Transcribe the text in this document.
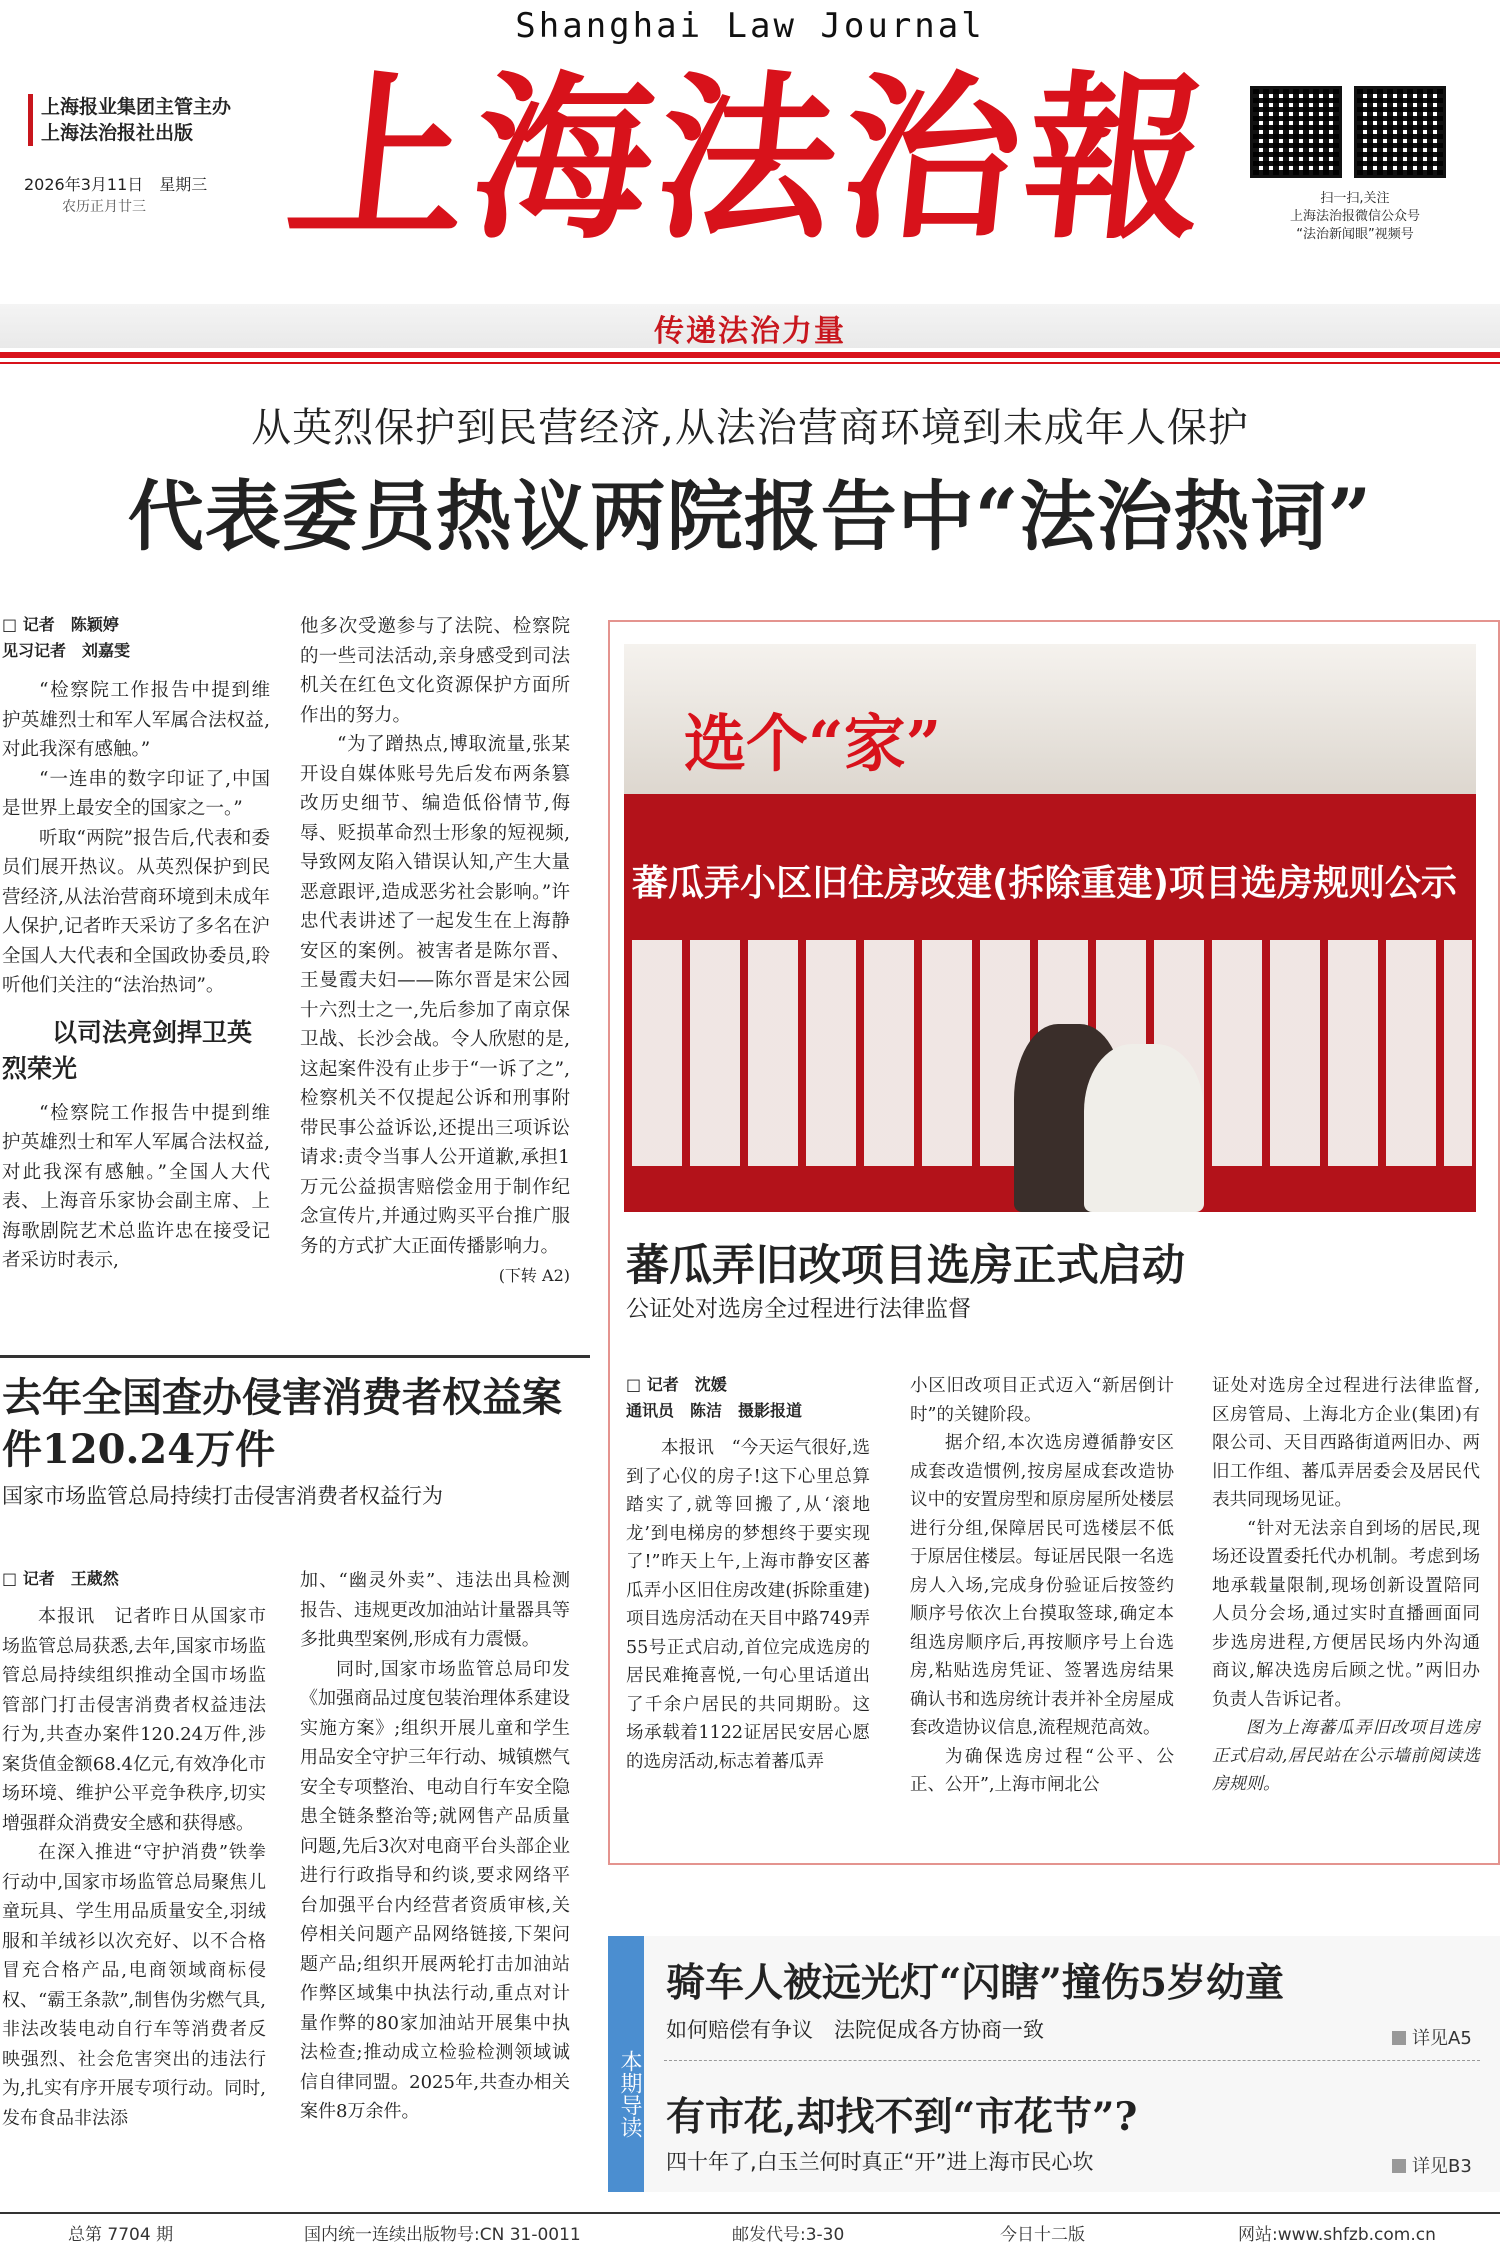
Shanghai Law Journal
上海报业集团主管主办
上海法治报社出版
2026年3月11日　星期三
农历正月廿三 上海法治報	扫一扫,关注
上海法治报微信公众号
“法治新闻眼”视频号
传递法治力量
从英烈保护到民营经济,从法治营商环境到未成年人保护
代表委员热议两院报告中“法治热词”
□ 记者　陈颖婷
见习记者　刘嘉雯

“检察院工作报告中提到维护英雄烈士和军人军属合法权益,对此我深有感触。”

“一连串的数字印证了,中国是世界上最安全的国家之一。”

听取“两院”报告后,代表和委员们展开热议。从英烈保护到民营经济,从法治营商环境到未成年人保护,记者昨天采访了多名在沪全国人大代表和全国政协委员,聆听他们关注的“法治热词”。

以司法亮剑捍卫英烈荣光

“检察院工作报告中提到维护英雄烈士和军人军属合法权益,对此我深有感触。”全国人大代表、上海音乐家协会副主席、上海歌剧院艺术总监许忠在接受记者采访时表示,

他多次受邀参与了法院、检察院的一些司法活动,亲身感受到司法机关在红色文化资源保护方面所作出的努力。

“为了蹭热点,博取流量,张某开设自媒体账号先后发布两条篡改历史细节、编造低俗情节,侮辱、贬损革命烈士形象的短视频,导致网友陷入错误认知,产生大量恶意跟评,造成恶劣社会影响。”许忠代表讲述了一起发生在上海静安区的案例。被害者是陈尔晋、王曼霞夫妇——陈尔晋是宋公园十六烈士之一,先后参加了南京保卫战、长沙会战。令人欣慰的是,这起案件没有止步于“一诉了之”,检察机关不仅提起公诉和刑事附带民事公益诉讼,还提出三项诉讼请求:责令当事人公开道歉,承担1万元公益损害赔偿金用于制作纪念宣传片,并通过购买平台推广服务的方式扩大正面传播影响力。

(下转 A2)
选个“家”
蕃瓜弄小区旧住房改建(拆除重建)项目选房规则公示
蕃瓜弄旧改项目选房正式启动
公证处对选房全过程进行法律监督
□ 记者　沈媛
通讯员　陈洁　摄影报道

本报讯　“今天运气很好,选到了心仪的房子!这下心里总算踏实了,就等回搬了,从‘滚地龙’到电梯房的梦想终于要实现了!”昨天上午,上海市静安区蕃瓜弄小区旧住房改建(拆除重建)项目选房活动在天目中路749弄55号正式启动,首位完成选房的居民难掩喜悦,一句心里话道出了千余户居民的共同期盼。这场承载着1122证居民安居心愿的选房活动,标志着蕃瓜弄

小区旧改项目正式迈入“新居倒计时”的关键阶段。

据介绍,本次选房遵循静安区成套改造惯例,按房屋成套改造协议中的安置房型和原房屋所处楼层进行分组,保障居民可选楼层不低于原居住楼层。每证居民限一名选房人入场,完成身份验证后按签约顺序号依次上台摸取签球,确定本组选房顺序后,再按顺序号上台选房,粘贴选房凭证、签署选房结果确认书和选房统计表并补全房屋成套改造协议信息,流程规范高效。

为确保选房过程“公平、公正、公开”,上海市闸北公

证处对选房全过程进行法律监督,区房管局、上海北方企业(集团)有限公司、天目西路街道两旧办、两旧工作组、蕃瓜弄居委会及居民代表共同现场见证。

“针对无法亲自到场的居民,现场还设置委托代办机制。考虑到场地承载量限制,现场创新设置陪同人员分会场,通过实时直播画面同步选房进程,方便居民场内外沟通商议,解决选房后顾之忧。”两旧办负责人告诉记者。

图为上海蕃瓜弄旧改项目选房正式启动,居民站在公示墙前阅读选房规则。

去年全国查办侵害消费者权益案件120.24万件
国家市场监管总局持续打击侵害消费者权益行为
□ 记者　王葳然

本报讯　记者昨日从国家市场监管总局获悉,去年,国家市场监管总局持续组织推动全国市场监管部门打击侵害消费者权益违法行为,共查办案件120.24万件,涉案货值金额68.4亿元,有效净化市场环境、维护公平竞争秩序,切实增强群众消费安全感和获得感。

在深入推进“守护消费”铁拳行动中,国家市场监管总局聚焦儿童玩具、学生用品质量安全,羽绒服和羊绒衫以次充好、以不合格冒充合格产品,电商领域商标侵权、“霸王条款”,制售伪劣燃气具,非法改装电动自行车等消费者反映强烈、社会危害突出的违法行为,扎实有序开展专项行动。同时,发布食品非法添

加、“幽灵外卖”、违法出具检测报告、违规更改加油站计量器具等多批典型案例,形成有力震慑。

同时,国家市场监管总局印发《加强商品过度包装治理体系建设实施方案》;组织开展儿童和学生用品安全守护三年行动、城镇燃气安全专项整治、电动自行车安全隐患全链条整治等;就网售产品质量问题,先后3次对电商平台头部企业进行行政指导和约谈,要求网络平台加强平台内经营者资质审核,关停相关问题产品网络链接,下架问题产品;组织开展两轮打击加油站作弊区域集中执法行动,重点对计量作弊的80家加油站开展集中执法检查;推动成立检验检测领域诚信自律同盟。2025年,共查办相关案件8万余件。	本期导读
骑车人被远光灯“闪瞎”撞伤5岁幼童
如何赔偿有争议　法院促成各方协商一致	详见A5
有市花,却找不到“市花节”?
四十年了,白玉兰何时真正“开”进上海市民心坎	详见B3
总第 7704 期	国内统一连续出版物号:CN 31-0011	邮发代号:3-30	今日十二版	网站:www.shfzb.com.cn
